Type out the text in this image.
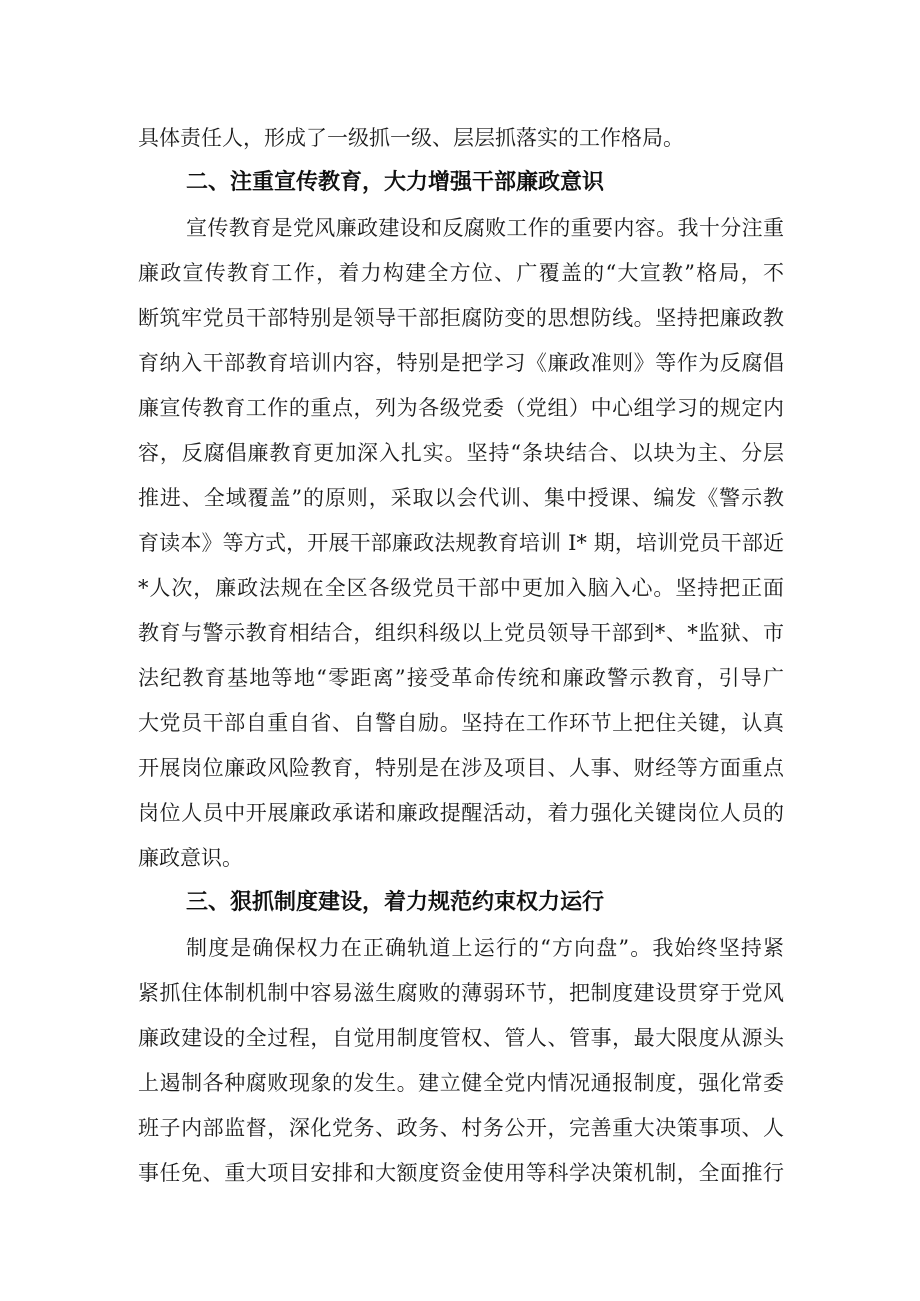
具体责任人，形成了一级抓一级、层层抓落实的工作格局。
二、注重宣传教育，大力增强干部廉政意识
宣传教育是党风廉政建设和反腐败工作的重要内容。我十分注重
廉政宣传教育工作，着力构建全方位、广覆盖的“大宣教”格局，不
断筑牢党员干部特别是领导干部拒腐防变的思想防线。坚持把廉政教
育纳入干部教育培训内容，特别是把学习《廉政准则》等作为反腐倡
廉宣传教育工作的重点，列为各级党委（党组）中心组学习的规定内
容，反腐倡廉教育更加深入扎实。坚持“条块结合、以块为主、分层
推进、全域覆盖”的原则，采取以会代训、集中授课、编发《警示教
育读本》等方式，开展干部廉政法规教育培训 I* 期，培训党员干部近
*人次，廉政法规在全区各级党员干部中更加入脑入心。坚持把正面
教育与警示教育相结合，组织科级以上党员领导干部到*、*监狱、市
法纪教育基地等地“零距离”接受革命传统和廉政警示教育，引导广
大党员干部自重自省、自警自励。坚持在工作环节上把住关键，认真
开展岗位廉政风险教育，特别是在涉及项目、人事、财经等方面重点
岗位人员中开展廉政承诺和廉政提醒活动，着力强化关键岗位人员的
廉政意识。
三、狠抓制度建设，着力规范约束权力运行
制度是确保权力在正确轨道上运行的“方向盘”。我始终坚持紧
紧抓住体制机制中容易滋生腐败的薄弱环节，把制度建设贯穿于党风
廉政建设的全过程，自觉用制度管权、管人、管事，最大限度从源头
上遏制各种腐败现象的发生。建立健全党内情况通报制度，强化常委
班子内部监督，深化党务、政务、村务公开，完善重大决策事项、人
事任免、重大项目安排和大额度资金使用等科学决策机制，全面推行
